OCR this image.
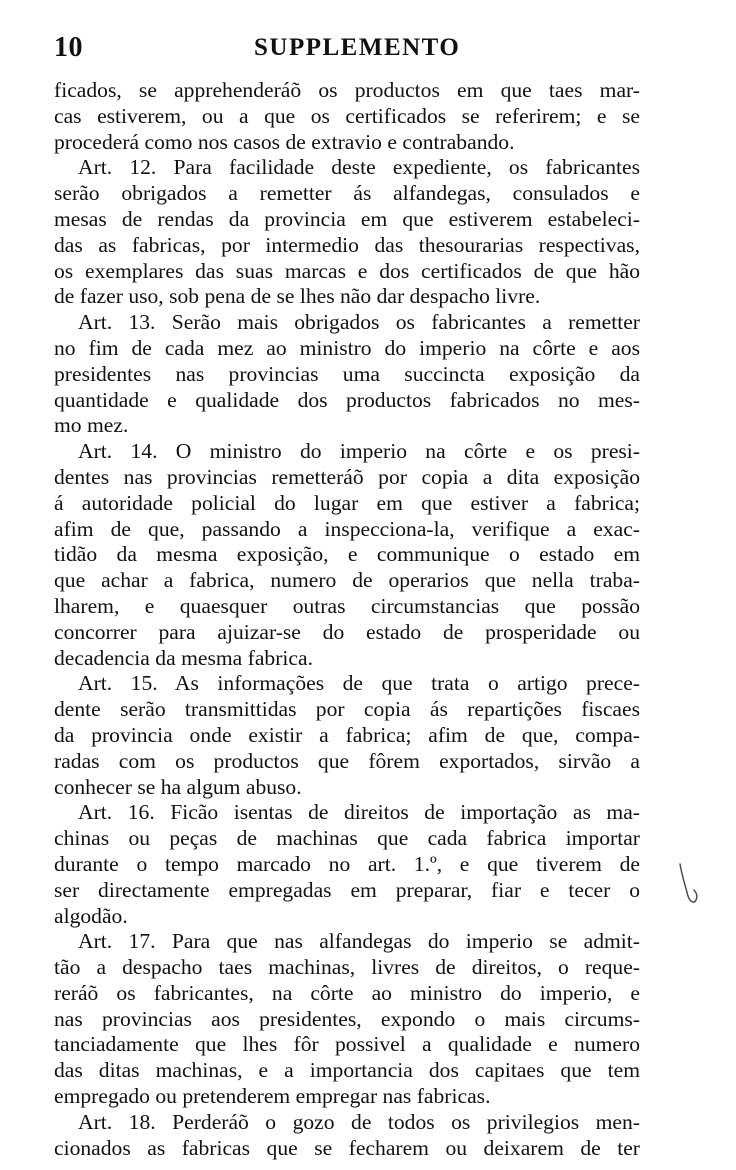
10	SUPPLEMENTO
ficados, se apprehenderáõ os productos em que taes mar-
cas estiverem, ou a que os certificados se referirem; e se
procederá como nos casos de extravio e contrabando.
Art. 12. Para facilidade deste expediente, os fabricantes
serão obrigados a remetter ás alfandegas, consulados e
mesas de rendas da provincia em que estiverem estabeleci-
das as fabricas, por intermedio das thesourarias respectivas,
os exemplares das suas marcas e dos certificados de que hão
de fazer uso, sob pena de se lhes não dar despacho livre.
Art. 13. Serão mais obrigados os fabricantes a remetter
no fim de cada mez ao ministro do imperio na côrte e aos
presidentes nas provincias uma succincta exposição da
quantidade e qualidade dos productos fabricados no mes-
mo mez.
Art. 14. O ministro do imperio na côrte e os presi-
dentes nas provincias remetteráõ por copia a dita exposição
á autoridade policial do lugar em que estiver a fabrica;
afim de que, passando a inspecciona-la, verifique a exac-
tidão da mesma exposição, e communique o estado em
que achar a fabrica, numero de operarios que nella traba-
lharem, e quaesquer outras circumstancias que possão
concorrer para ajuizar-se do estado de prosperidade ou
decadencia da mesma fabrica.
Art. 15. As informações de que trata o artigo prece-
dente serão transmittidas por copia ás repartições fiscaes
da provincia onde existir a fabrica; afim de que, compa-
radas com os productos que fôrem exportados, sirvão a
conhecer se ha algum abuso.
Art. 16. Ficão isentas de direitos de importação as ma-
chinas ou peças de machinas que cada fabrica importar
durante o tempo marcado no art. 1.º, e que tiverem de
ser directamente empregadas em preparar, fiar e tecer o
algodão.
Art. 17. Para que nas alfandegas do imperio se admit-
tão a despacho taes machinas, livres de direitos, o reque-
reráõ os fabricantes, na côrte ao ministro do imperio, e
nas provincias aos presidentes, expondo o mais circums-
tanciadamente que lhes fôr possivel a qualidade e numero
das ditas machinas, e a importancia dos capitaes que tem
empregado ou pretenderem empregar nas fabricas.
Art. 18. Perderáõ o gozo de todos os privilegios men-
cionados as fabricas que se fecharem ou deixarem de ter
